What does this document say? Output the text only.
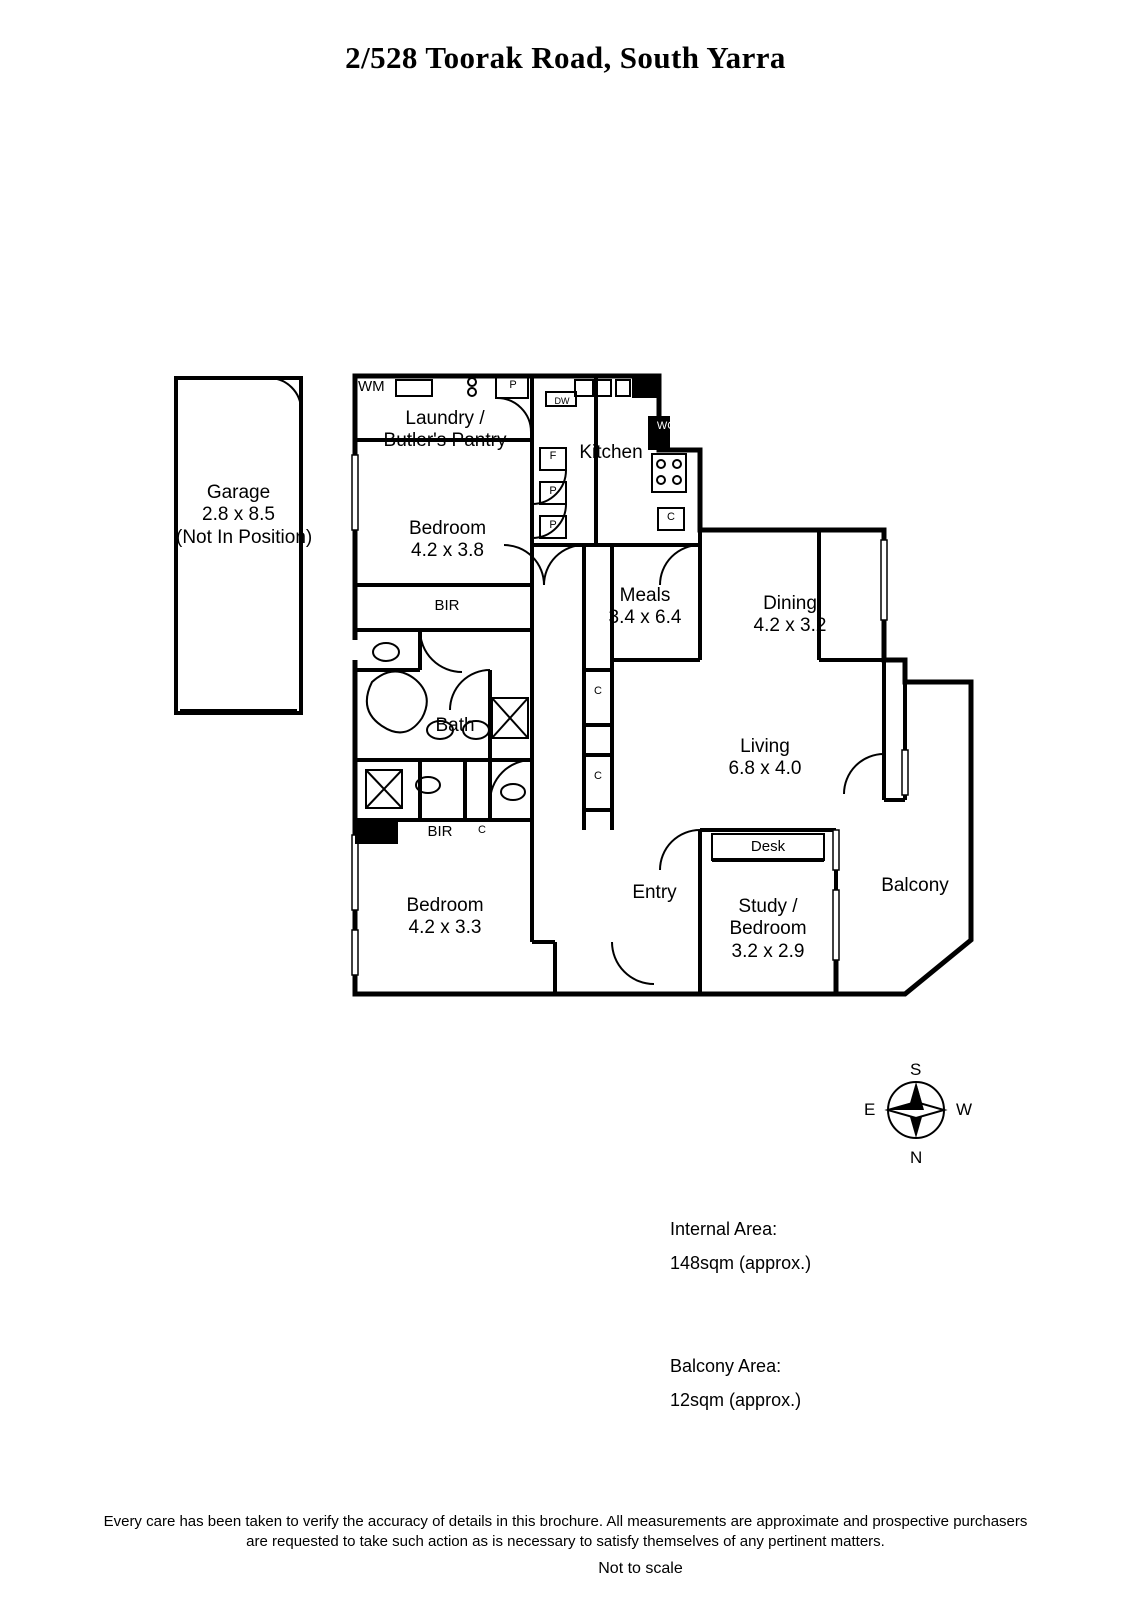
2/528 Toorak Road, South Yarra
Garage
2.8 x 8.5
(Not In Position)
WM	P
DW
WC
Laundry /
Butler's Pantry
Kitchen
F
P
P
C
Bedroom
4.2 x 3.8
BIR	Meals
3.4 x 6.4
Dining
4.2 x 3.2
Bath
C
C
Living
6.8 x 4.0
BIR	C
Bedroom
4.2 x 3.3
Entry
Desk
Study /
Bedroom
3.2 x 2.9
Balcony
S
N
E	W

Internal Area:
148sqm (approx.)

Balcony Area:
12sqm (approx.)

Every care has been taken to verify the accuracy of details in this brochure. All measurements are approximate and prospective purchasers
are requested to take such action as is necessary to satisfy themselves of any pertinent matters.
Not to scale
